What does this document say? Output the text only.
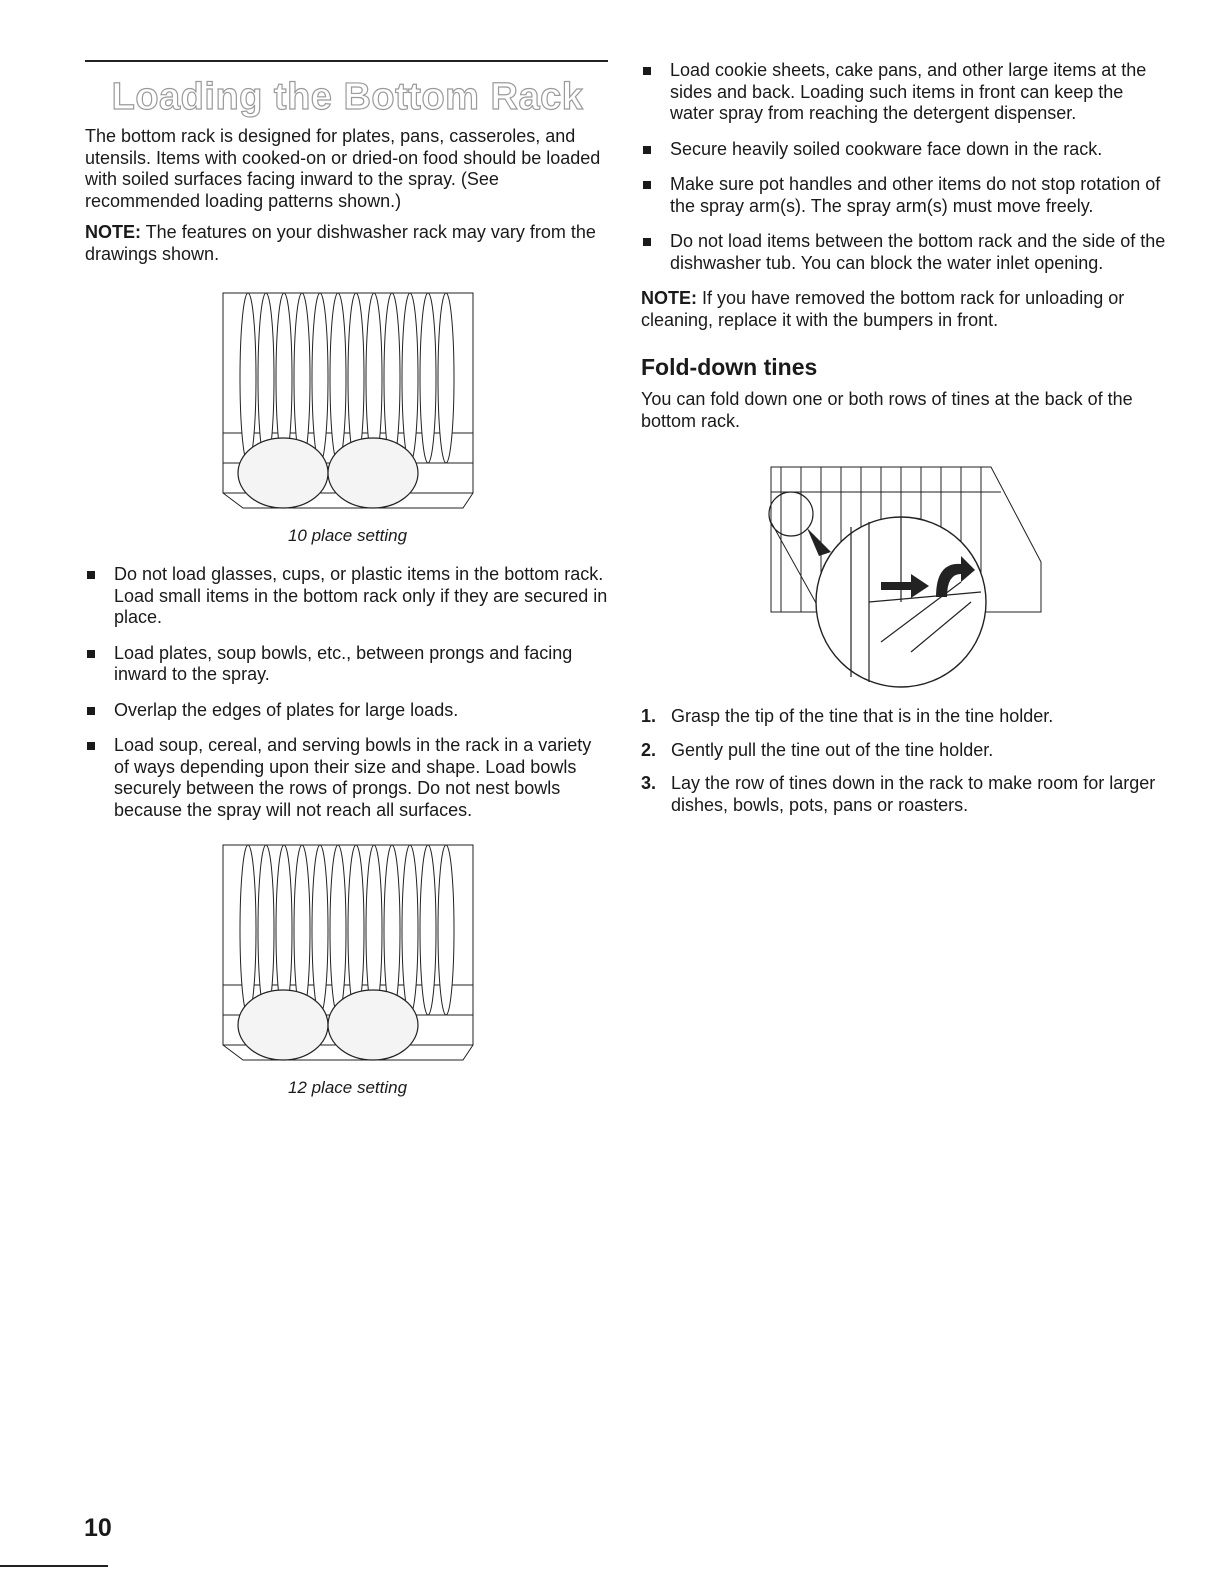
Loading the Bottom Rack

The bottom rack is designed for plates, pans, casseroles, and utensils. Items with cooked-on or dried-on food should be loaded with soiled surfaces facing inward to the spray. (See recommended loading patterns shown.)

NOTE: The features on your dishwasher rack may vary from the drawings shown.

10 place setting
Do not load glasses, cups, or plastic items in the bottom rack. Load small items in the bottom rack only if they are secured in place.
Load plates, soup bowls, etc., between prongs and facing inward to the spray.
Overlap the edges of plates for large loads.
Load soup, cereal, and serving bowls in the rack in a variety of ways depending upon their size and shape. Load bowls securely between the rows of prongs. Do not nest bowls because the spray will not reach all surfaces.
12 place setting
Load cookie sheets, cake pans, and other large items at the sides and back. Loading such items in front can keep the water spray from reaching the detergent dispenser.
Secure heavily soiled cookware face down in the rack.
Make sure pot handles and other items do not stop rotation of the spray arm(s). The spray arm(s) must move freely.
Do not load items between the bottom rack and the side of the dishwasher tub. You can block the water inlet opening.

NOTE: If you have removed the bottom rack for unloading or cleaning, replace it with the bumpers in front.

Fold-down tines

You can fold down one or both rows of tines at the back of the bottom rack.

1. Grasp the tip of the tine that is in the tine holder.
2. Gently pull the tine out of the tine holder.
3. Lay the row of tines down in the rack to make room for larger dishes, bowls, pots, pans or roasters.
10
